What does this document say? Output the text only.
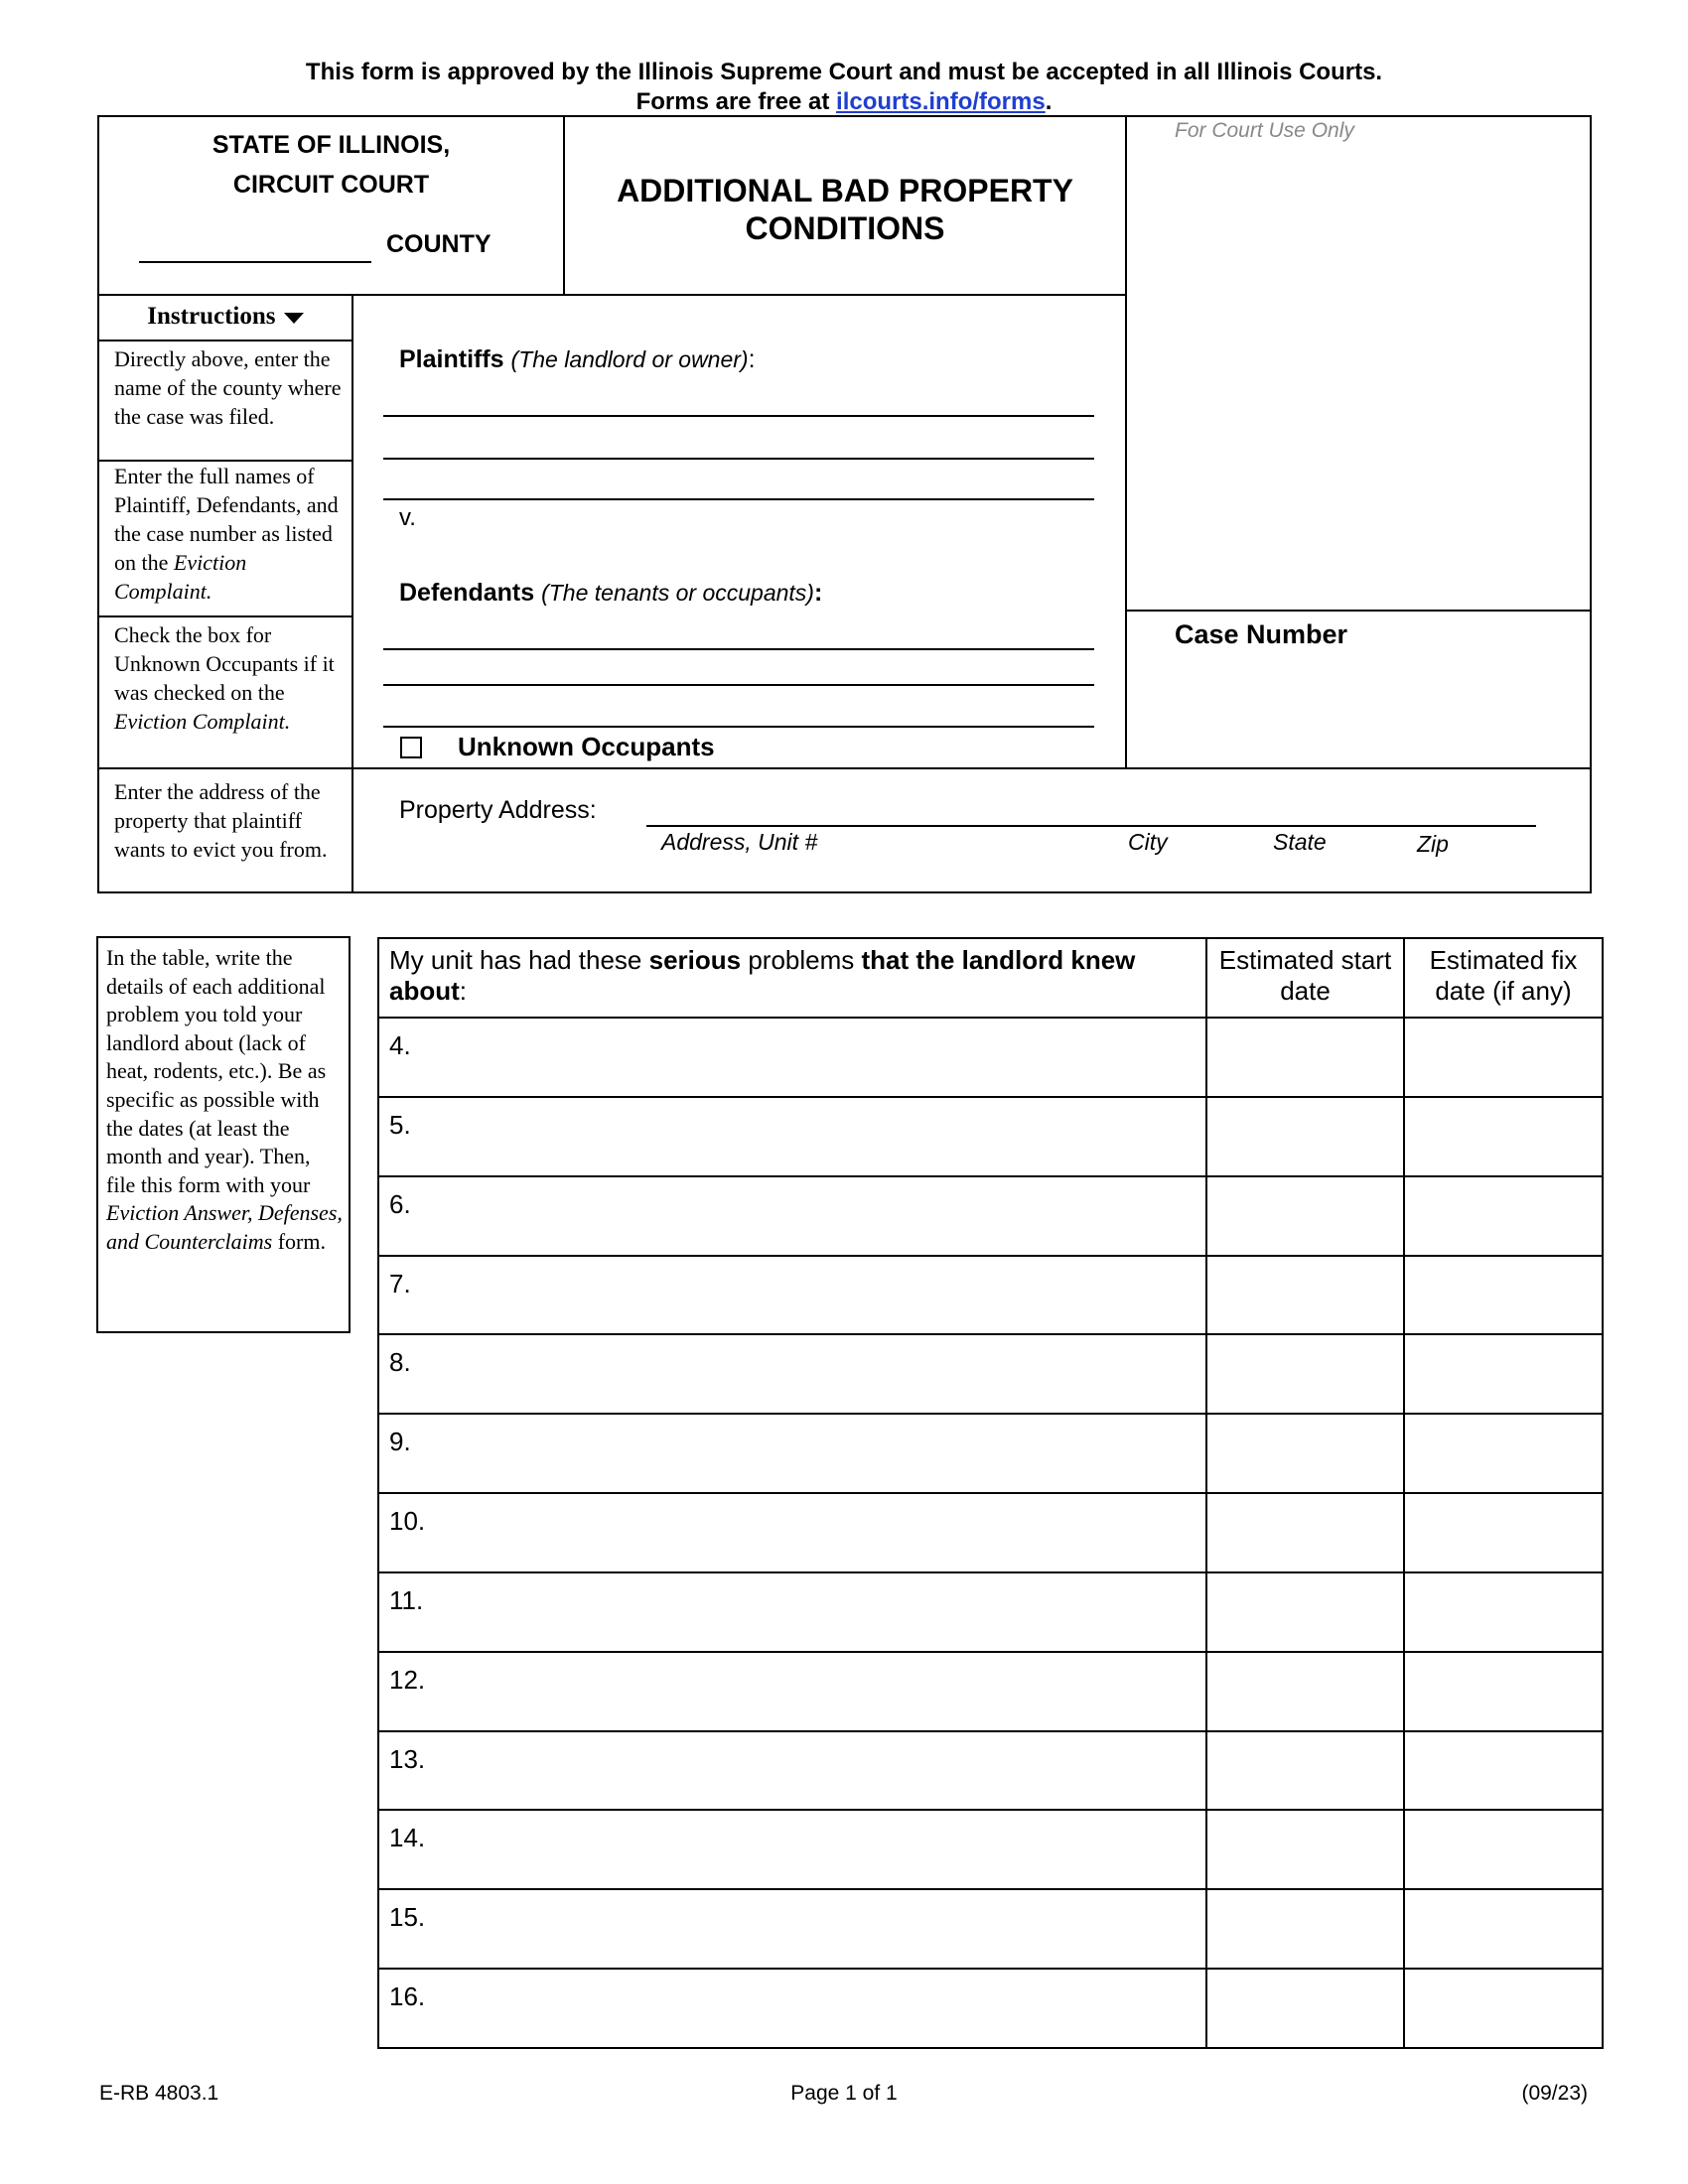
This form is approved by the Illinois Supreme Court and must be accepted in all Illinois Courts.
Forms are free at ilcourts.info/forms.
STATE OF ILLINOIS,
CIRCUIT COURT
COUNTY
ADDITIONAL BAD PROPERTY
CONDITIONS
For Court Use Only
Case Number
Instructions
Directly above, enter the name of the county where the case was filed.
Enter the full names of Plaintiff, Defendants, and the case number as listed on the Eviction Complaint.
Check the box for Unknown Occupants if it was checked on the Eviction Complaint.
Enter the address of the property that plaintiff wants to evict you from.
Plaintiffs (The landlord or owner):
v.
Defendants (The tenants or occupants):
Unknown Occupants
Property Address:
Address, Unit #	City	State	Zip
In the table, write the details of each additional problem you told your landlord about (lack of heat, rodents, etc.). Be as specific as possible with the dates (at least the month and year). Then, file this form with your Eviction Answer, Defenses, and Counterclaims form.
My unit has had these serious problems that the landlord knew about:	Estimated start date	Estimated fix date (if any)
4.		
5.		
6.		
7.		
8.		
9.		
10.		
11.		
12.		
13.		
14.		
15.		
16.		
E-RB 4803.1	Page 1 of 1	(09/23)
